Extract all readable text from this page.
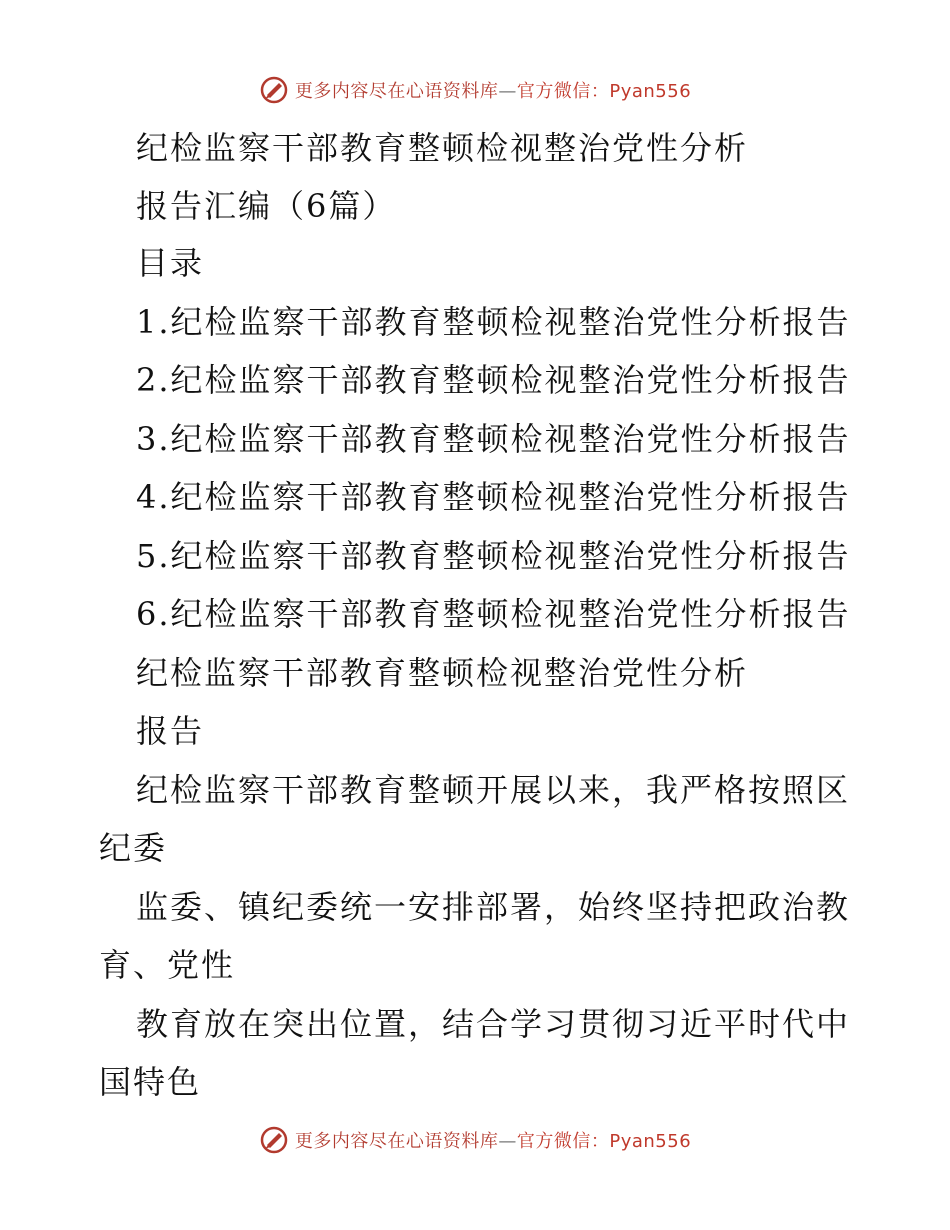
更多内容尽在心语资料库—官方微信：Pyan556
纪检监察干部教育整顿检视整治党性分析
报告汇编（6篇）
目录
1.纪检监察干部教育整顿检视整治党性分析报告
2.纪检监察干部教育整顿检视整治党性分析报告
3.纪检监察干部教育整顿检视整治党性分析报告
4.纪检监察干部教育整顿检视整治党性分析报告
5.纪检监察干部教育整顿检视整治党性分析报告
6.纪检监察干部教育整顿检视整治党性分析报告
纪检监察干部教育整顿检视整治党性分析
报告
纪检监察干部教育整顿开展以来，我严格按照区
纪委
监委、镇纪委统一安排部署，始终坚持把政治教
育、党性
教育放在突出位置，结合学习贯彻习近平时代中
国特色
更多内容尽在心语资料库—官方微信：Pyan556
